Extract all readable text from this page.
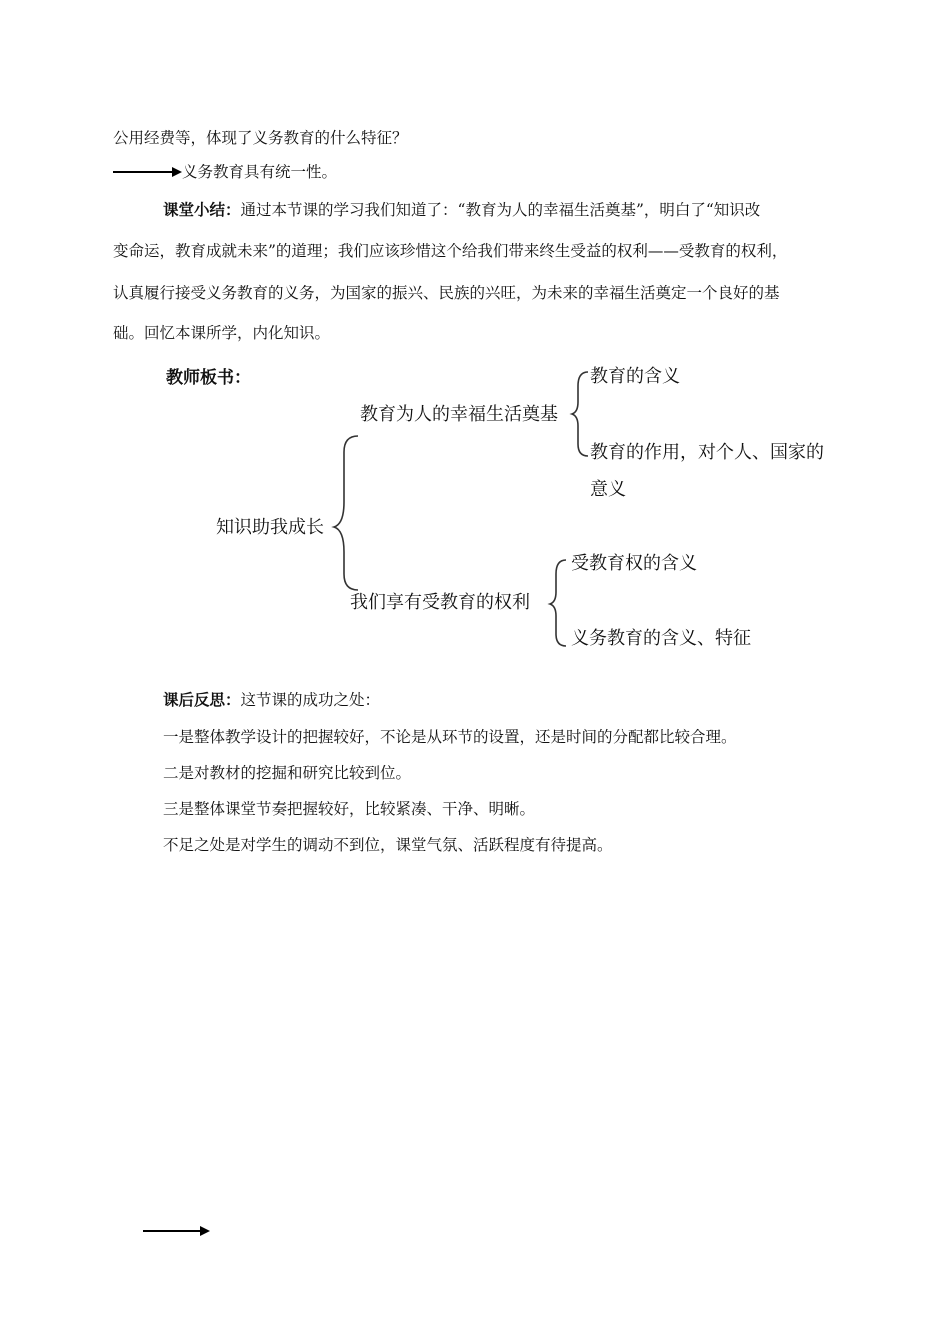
公用经费等，体现了义务教育的什么特征？
义务教育具有统一性。
课堂小结：通过本节课的学习我们知道了：“教育为人的幸福生活奠基”，明白了“知识改
变命运，教育成就未来”的道理；我们应该珍惜这个给我们带来终生受益的权利——受教育的权利，
认真履行接受义务教育的义务，为国家的振兴、民族的兴旺，为未来的幸福生活奠定一个良好的基
础。回忆本课所学，内化知识。
教师板书：
知识助我成长
教育为人的幸福生活奠基
教育的含义
教育的作用，对个人、国家的
意义
我们享有受教育的权利
受教育权的含义
义务教育的含义、特征
课后反思：这节课的成功之处：
一是整体教学设计的把握较好，不论是从环节的设置，还是时间的分配都比较合理。
二是对教材的挖掘和研究比较到位。
三是整体课堂节奏把握较好，比较紧凑、干净、明晰。
不足之处是对学生的调动不到位，课堂气氛、活跃程度有待提高。
